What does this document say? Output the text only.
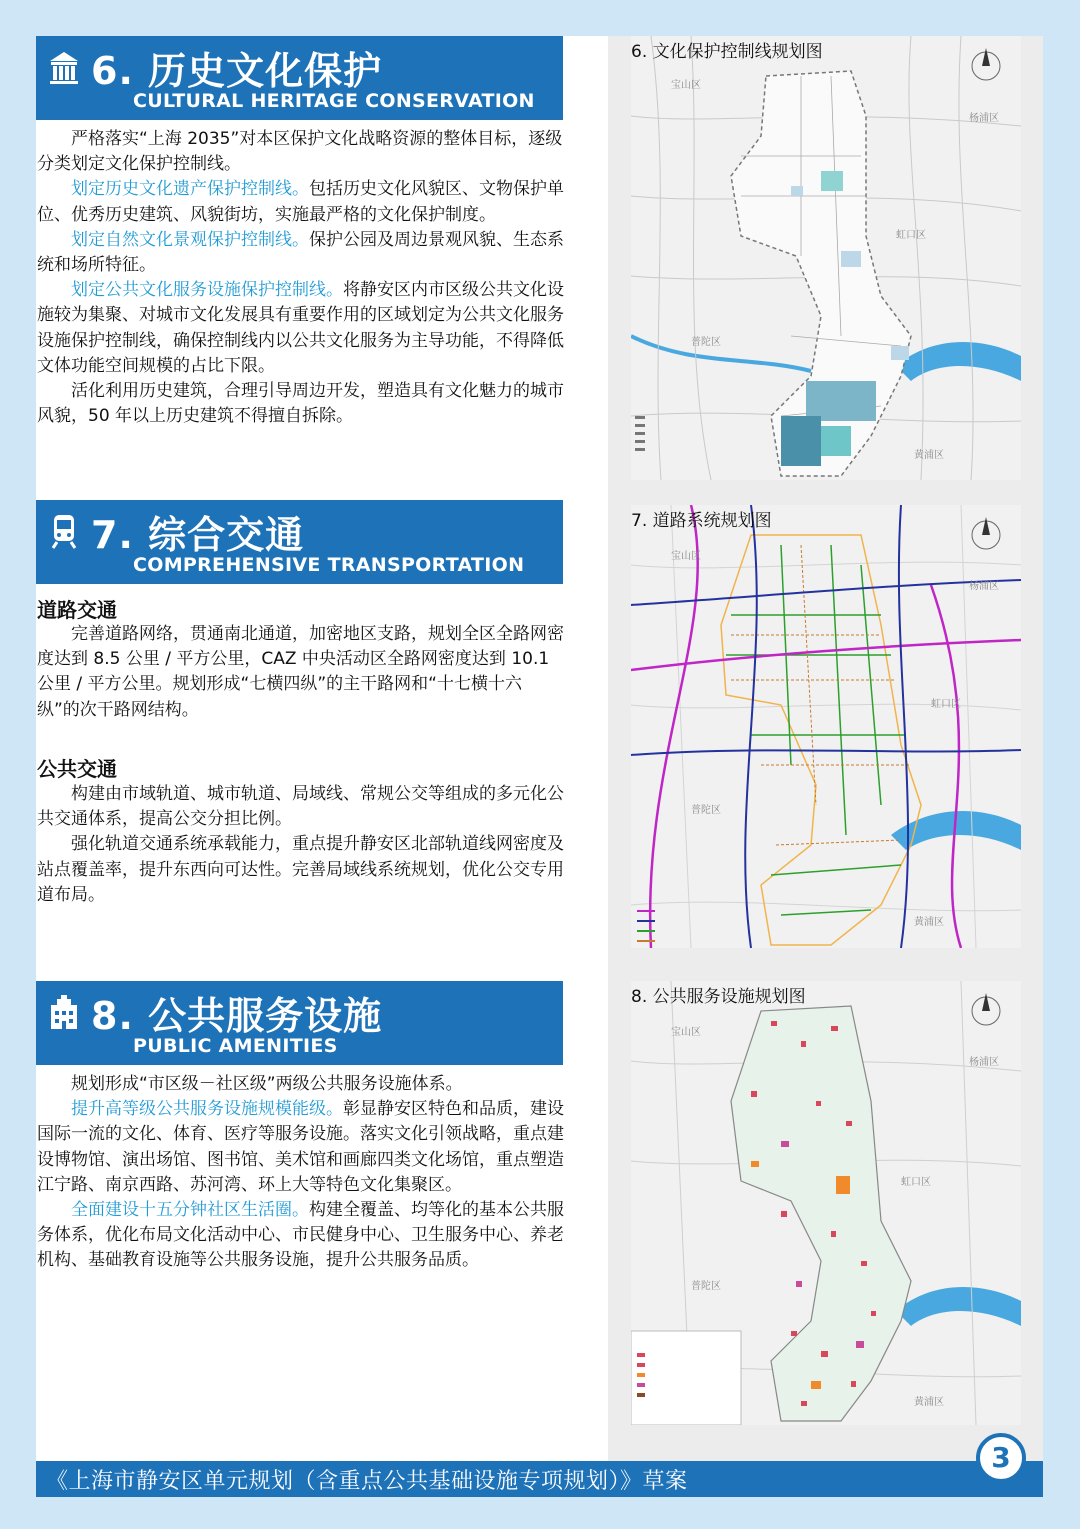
6. 历史文化保护
CULTURAL HERITAGE CONSERVATION

严格落实“上海 2035”对本区保护文化战略资源的整体目标，逐级分类划定文化保护控制线。

划定历史文化遗产保护控制线。包括历史文化风貌区、文物保护单位、优秀历史建筑、风貌街坊，实施最严格的文化保护制度。

划定自然文化景观保护控制线。保护公园及周边景观风貌、生态系统和场所特征。

划定公共文化服务设施保护控制线。将静安区内市区级公共文化设施较为集聚、对城市文化发展具有重要作用的区域划定为公共文化服务设施保护控制线，确保控制线内以公共文化服务为主导功能，不得降低文体功能空间规模的占比下限。

活化利用历史建筑，合理引导周边开发，塑造具有文化魅力的城市风貌，50 年以上历史建筑不得擅自拆除。

7. 综合交通
COMPREHENSIVE TRANSPORTATION
道路交通

完善道路网络，贯通南北通道，加密地区支路，规划全区全路网密度达到 8.5 公里 / 平方公里，CAZ 中央活动区全路网密度达到 10.1 公里 / 平方公里。规划形成“七横四纵”的主干路网和“十七横十六纵”的次干路网结构。

公共交通

构建由市域轨道、城市轨道、局域线、常规公交等组成的多元化公共交通体系，提高公交分担比例。

强化轨道交通系统承载能力，重点提升静安区北部轨道线网密度及站点覆盖率，提升东西向可达性。完善局域线系统规划，优化公交专用道布局。

8. 公共服务设施
PUBLIC AMENITIES

规划形成“市区级－社区级”两级公共服务设施体系。

提升高等级公共服务设施规模能级。彰显静安区特色和品质，建设国际一流的文化、体育、医疗等服务设施。落实文化引领战略，重点建设博物馆、演出场馆、图书馆、美术馆和画廊四类文化场馆，重点塑造江宁路、南京西路、苏河湾、环上大等特色文化集聚区。

全面建设十五分钟社区生活圈。构建全覆盖、均等化的基本公共服务体系，优化布局文化活动中心、市民健身中心、卫生服务中心、养老机构、基础教育设施等公共服务设施，提升公共服务品质。

宝山区
杨浦区
虹口区
普陀区
黄浦区
6. 文化保护控制线规划图
宝山区
杨浦区
虹口区
普陀区
黄浦区
7. 道路系统规划图
宝山区
杨浦区
虹口区
普陀区
黄浦区
8. 公共服务设施规划图
《上海市静安区单元规划（含重点公共基础设施专项规划）》草案
3
